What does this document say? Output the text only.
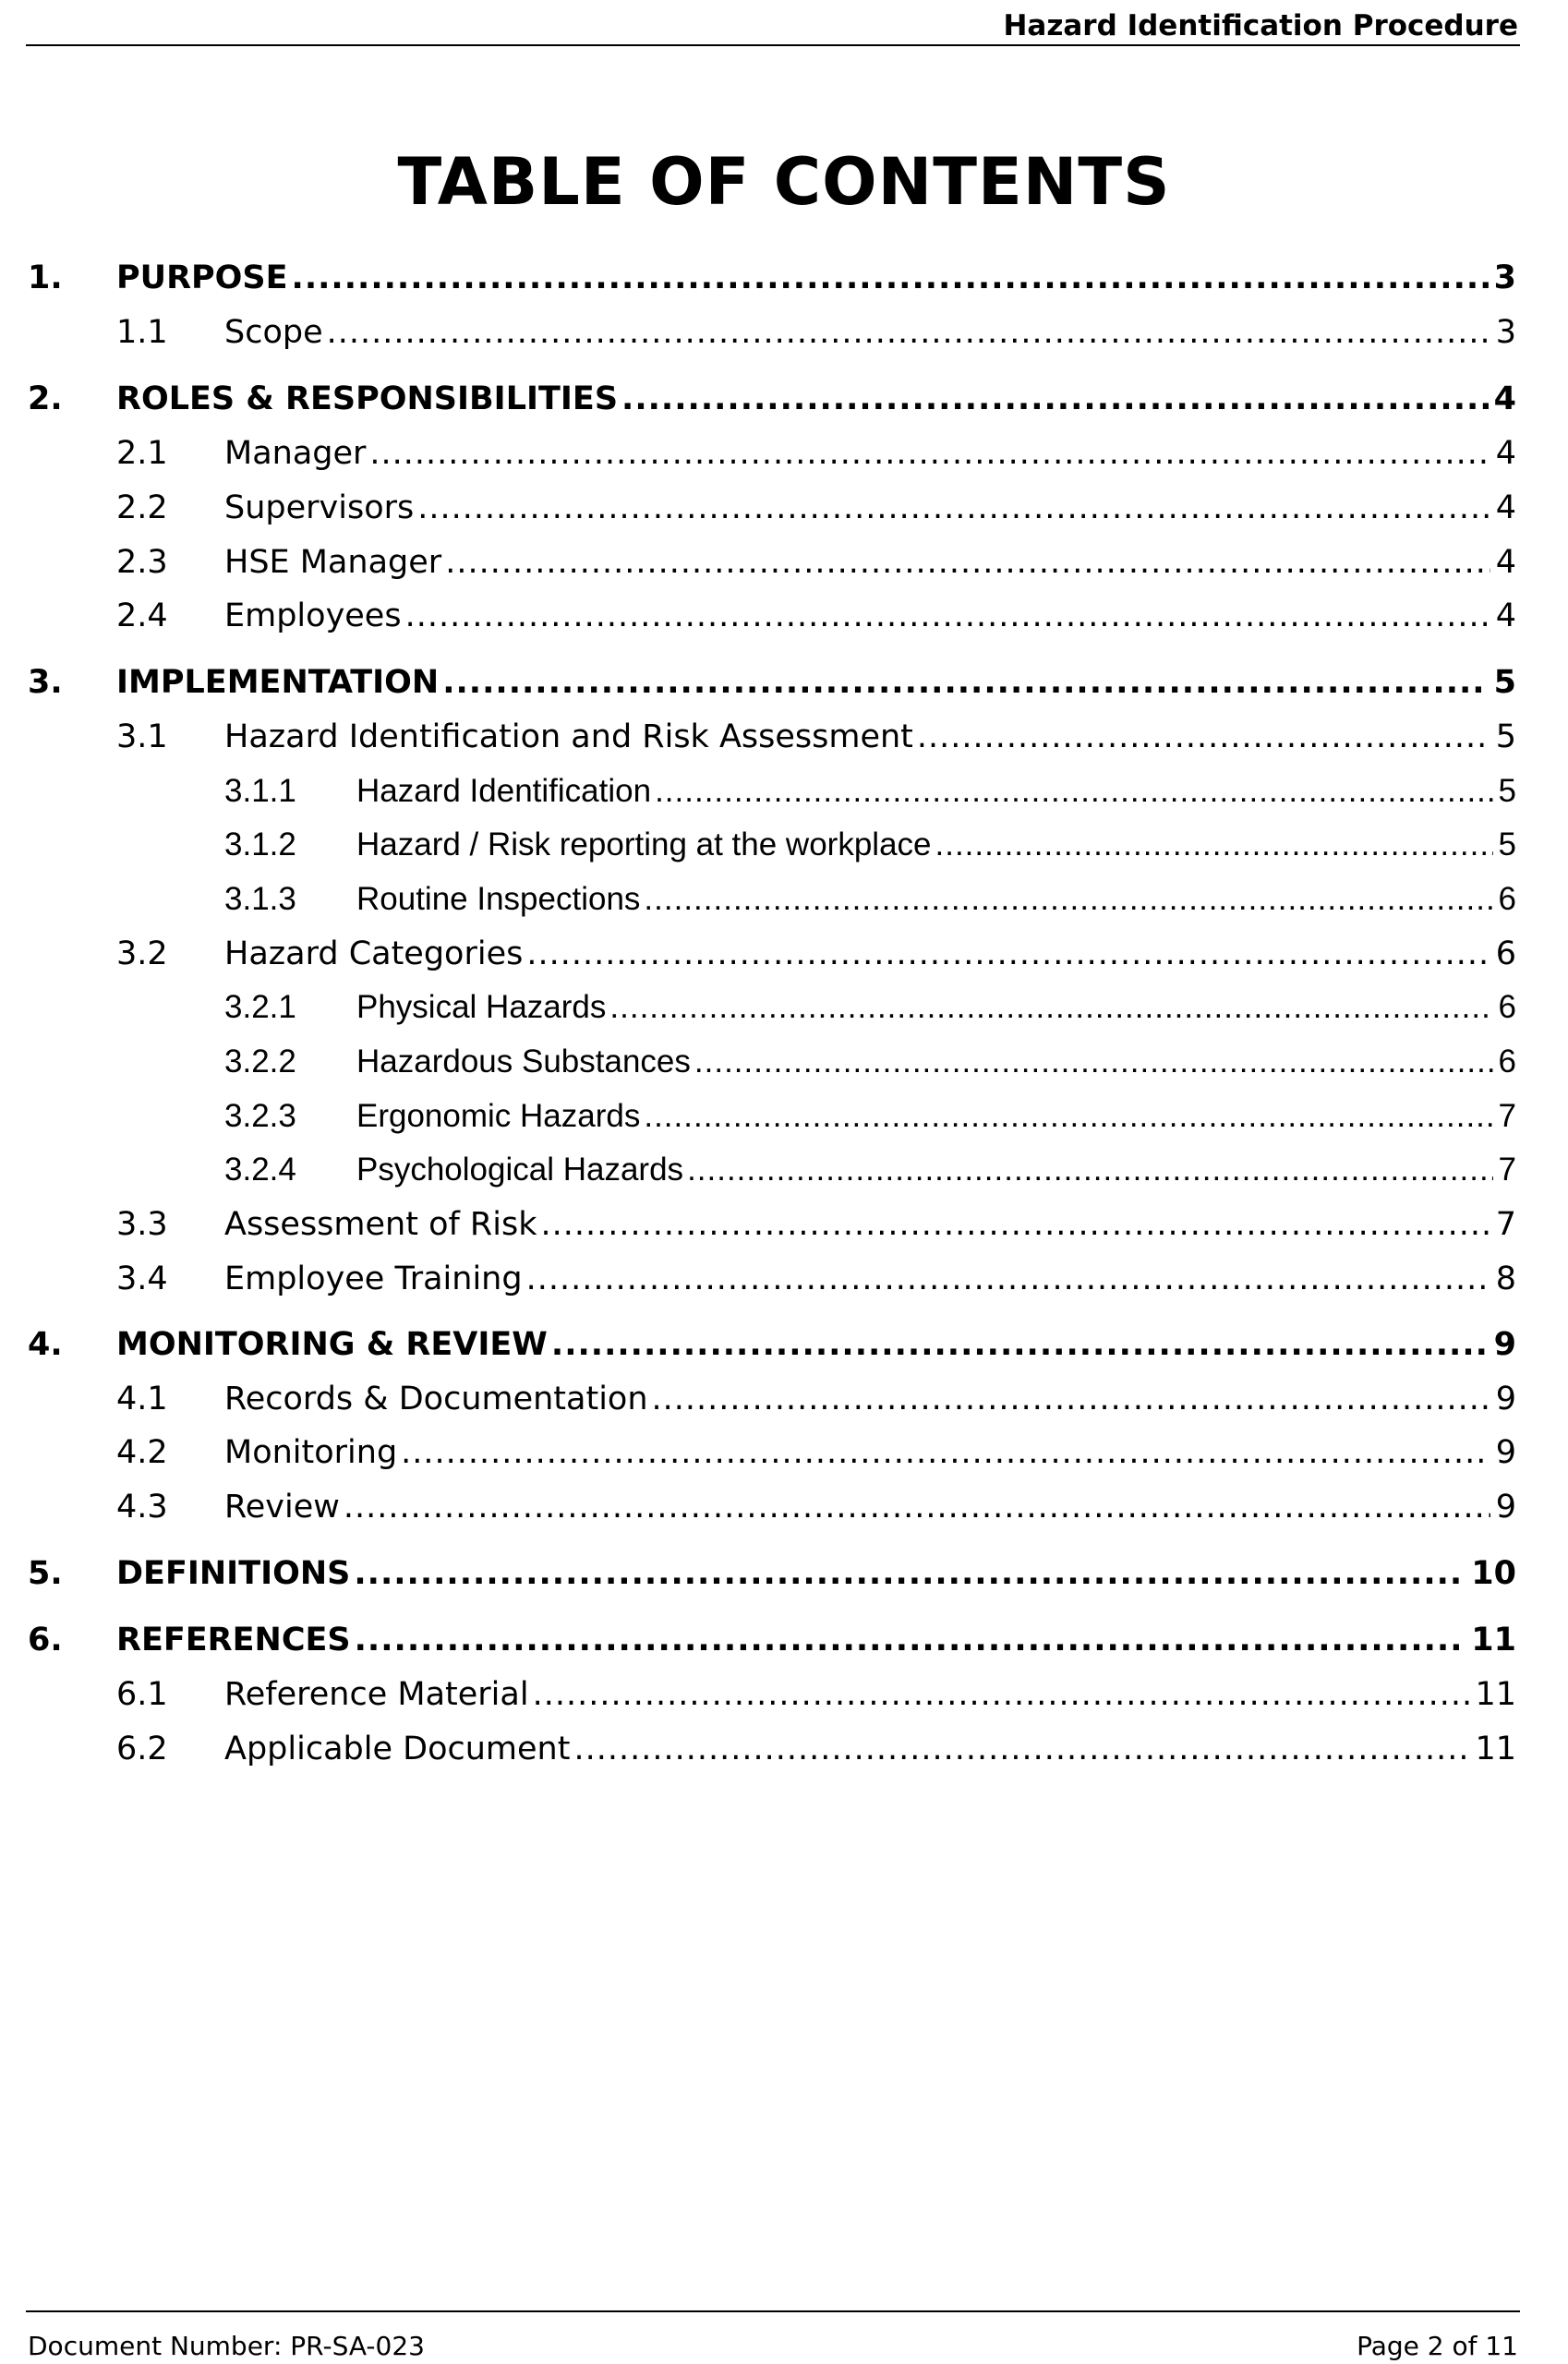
Hazard Identification Procedure
TABLE OF CONTENTS
1.	PURPOSE .....	3
1.1	Scope .....	3
2.	ROLES & RESPONSIBILITIES .....	4
2.1	Manager .....	4
2.2	Supervisors .....	4
2.3	HSE Manager .....	4
2.4	Employees .....	4
3.	IMPLEMENTATION .....	5
3.1	Hazard Identification and Risk Assessment .....	5
3.1.1	Hazard Identification .....	5
3.1.2	Hazard / Risk reporting at the workplace .....	5
3.1.3	Routine Inspections .....	6
3.2	Hazard Categories .....	6
3.2.1	Physical Hazards .....	6
3.2.2	Hazardous Substances .....	6
3.2.3	Ergonomic Hazards .....	7
3.2.4	Psychological Hazards .....	7
3.3	Assessment of Risk .....	7
3.4	Employee Training .....	8
4.	MONITORING & REVIEW .....	9
4.1	Records & Documentation .....	9
4.2	Monitoring .....	9
4.3	Review .....	9
5.	DEFINITIONS .....	10
6.	REFERENCES .....	11
6.1	Reference Material .....	11
6.2	Applicable Document .....	11
Document Number: PR-SA-023	Page 2 of 11
